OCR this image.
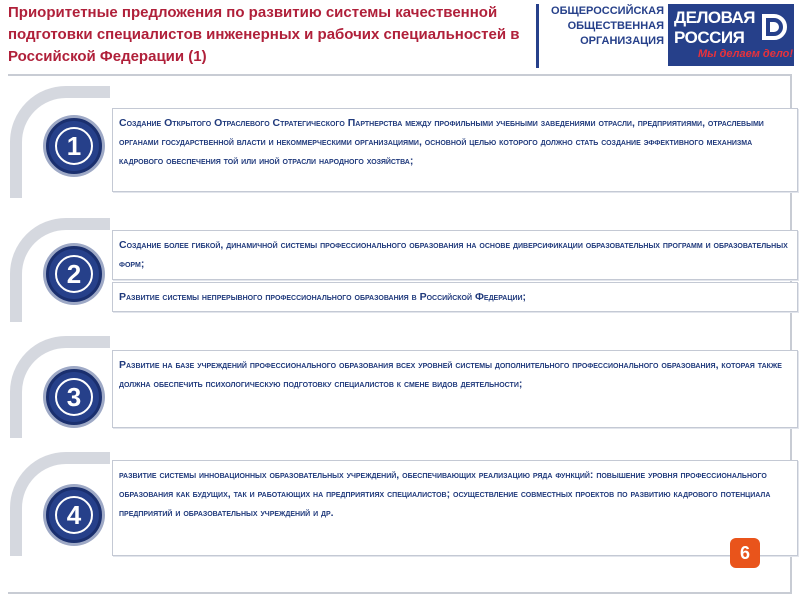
Приоритетные предложения по развитию системы качественной подготовки специалистов инженерных и рабочих специальностей в Российской Федерации (1)
ОБЩЕРОССИЙСКАЯ
ОБЩЕСТВЕННАЯ
ОРГАНИЗАЦИЯ
ДЕЛОВАЯ
РОССИЯ
Мы делаем дело!
1
Создание Открытого Отраслевого Стратегического Партнерства между профильными учебными заведениями отрасли, предприятиями, отраслевыми органами государственной власти и некоммерческими организациями, основной целью которого должно стать создание эффективного механизма кадрового обеспечения той или иной отрасли народного хозяйства;
2
Создание более гибкой, динамичной системы профессионального образования на основе диверсификации образовательных программ и образовательных форм;
Развитие системы непрерывного профессионального образования в Российской Федерации;
3
Развитие на базе учреждений профессионального образования всех уровней системы дополнительного профессионального образования, которая также должна обеспечить психологическую подготовку специалистов к смене видов деятельности;
4
развитие системы инновационных образовательных учреждений, обеспечивающих реализацию ряда функций: повышение уровня профессионального образования как будущих, так и работающих на предприятиях специалистов; осуществление совместных проектов по развитию кадрового потенциала предприятий и образовательных учреждений и др.
6
